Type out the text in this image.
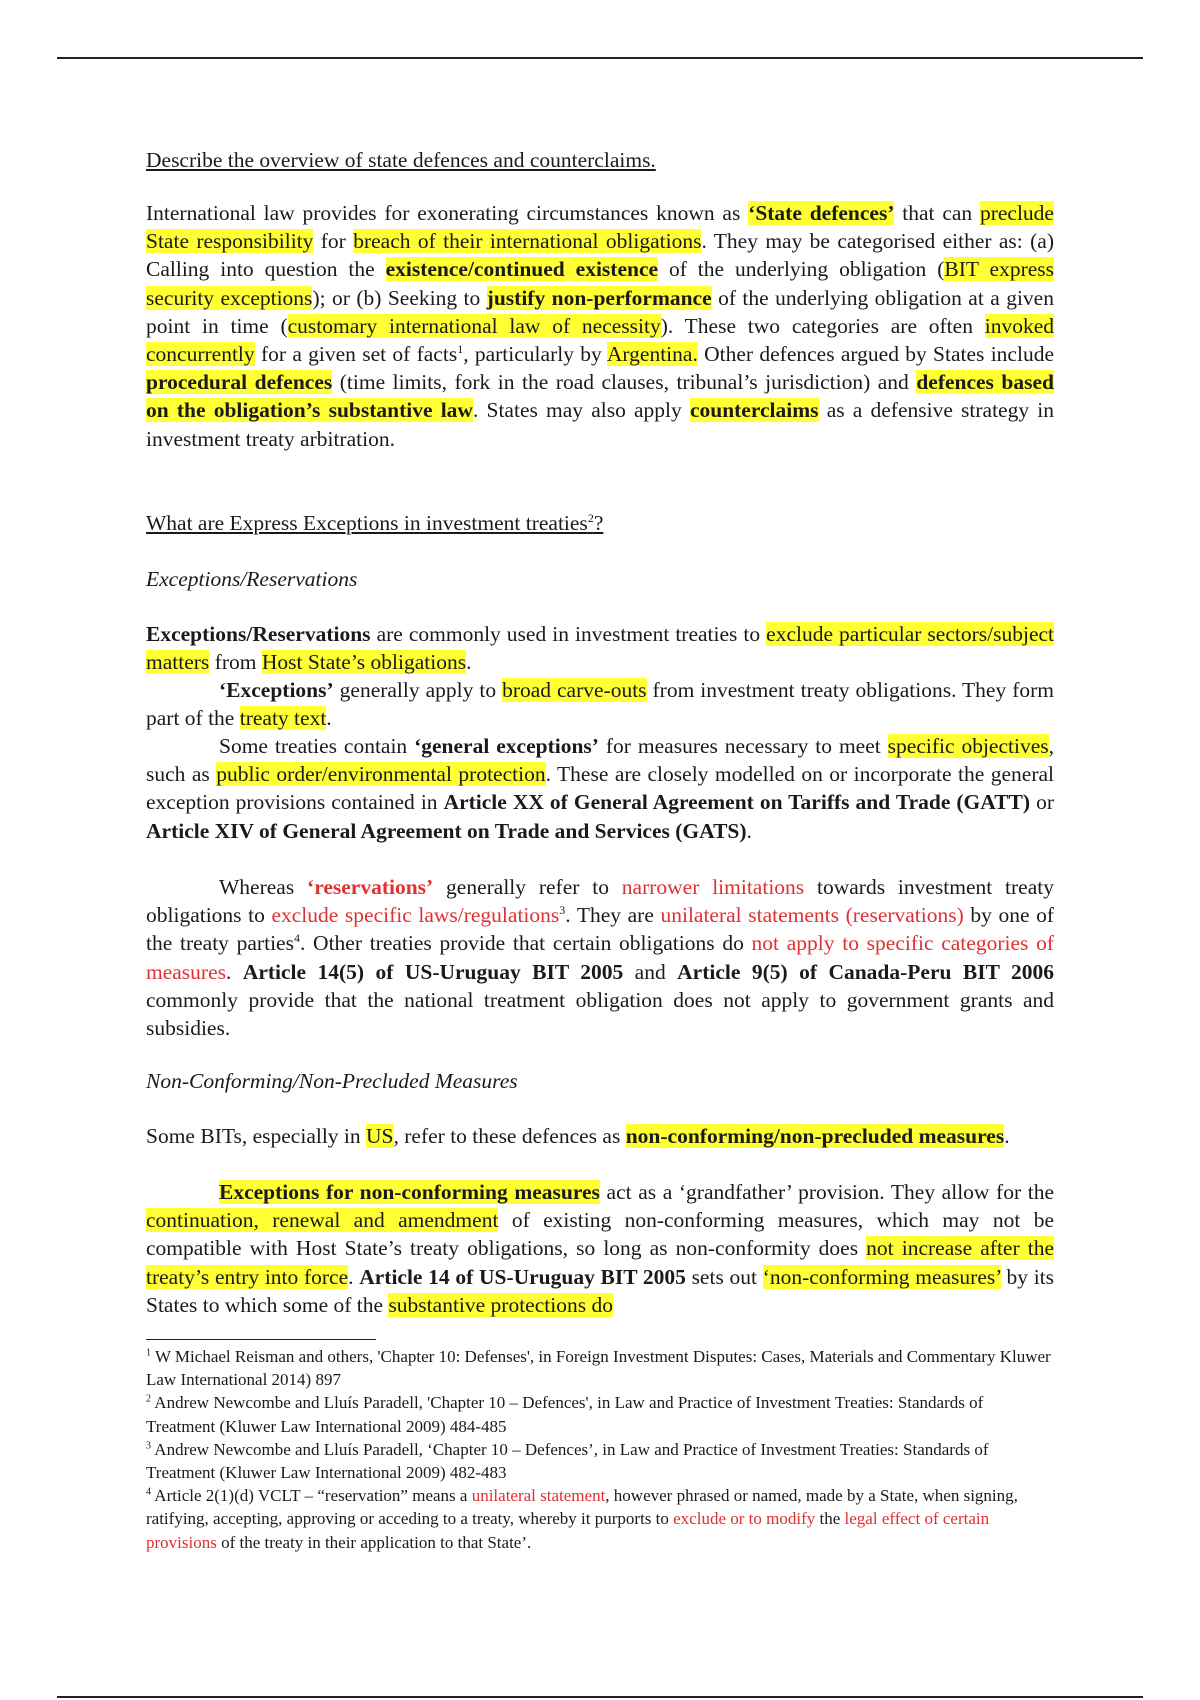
Describe the overview of state defences and counterclaims.

International law provides for exonerating circumstances known as ‘State defences’ that can preclude State responsibility for breach of their international obligations. They may be categorised either as: (a) Calling into question the existence/continued existence of the underlying obligation (BIT express security exceptions); or (b) Seeking to justify non-performance of the underlying obligation at a given point in time (customary international law of necessity). These two categories are often invoked concurrently for a given set of facts$^1$, particularly by Argentina. Other defences argued by States include procedural defences (time limits, fork in the road clauses, tribunal’s jurisdiction) and defences based on the obligation’s substantive law. States may also apply counterclaims as a defensive strategy in investment treaty arbitration.

What are Express Exceptions in investment treaties$^2$?
Exceptions/Reservations

Exceptions/Reservations are commonly used in investment treaties to exclude particular sectors/subject matters from Host State’s obligations.

‘Exceptions’ generally apply to broad carve-outs from investment treaty obligations. They form part of the treaty text.

Some treaties contain ‘general exceptions’ for measures necessary to meet specific objectives, such as public order/environmental protection. These are closely modelled on or incorporate the general exception provisions contained in Article XX of General Agreement on Tariffs and Trade (GATT) or Article XIV of General Agreement on Trade and Services (GATS).

Whereas ‘reservations’ generally refer to narrower limitations towards investment treaty obligations to exclude specific laws/regulations$^3$. They are unilateral statements (reservations) by one of the treaty parties$^4$. Other treaties provide that certain obligations do not apply to specific categories of measures. Article 14(5) of US-Uruguay BIT 2005 and Article 9(5) of Canada-Peru BIT 2006 commonly provide that the national treatment obligation does not apply to government grants and subsidies.

Non-Conforming/Non-Precluded Measures

Some BITs, especially in US, refer to these defences as non-conforming/non-precluded measures.

Exceptions for non-conforming measures act as a ‘grandfather’ provision. They allow for the continuation, renewal and amendment of existing non-conforming measures, which may not be compatible with Host State’s treaty obligations, so long as non-conformity does not increase after the treaty’s entry into force. Article 14 of US-Uruguay BIT 2005 sets out ‘non-conforming measures’ by its States to which some of the substantive protections do

$^1$ W Michael Reisman and others, 'Chapter 10: Defenses', in Foreign Investment Disputes: Cases, Materials and Commentary Kluwer Law International 2014) 897

$^2$ Andrew Newcombe and Lluís Paradell, 'Chapter 10 – Defences', in Law and Practice of Investment Treaties: Standards of Treatment (Kluwer Law International 2009) 484-485

$^3$ Andrew Newcombe and Lluís Paradell, ‘Chapter 10 – Defences’, in Law and Practice of Investment Treaties: Standards of Treatment (Kluwer Law International 2009) 482-483

$^4$ Article 2(1)(d) VCLT – “reservation” means a unilateral statement, however phrased or named, made by a State, when signing, ratifying, accepting, approving or acceding to a treaty, whereby it purports to exclude or to modify the legal effect of certain provisions of the treaty in their application to that State’.
